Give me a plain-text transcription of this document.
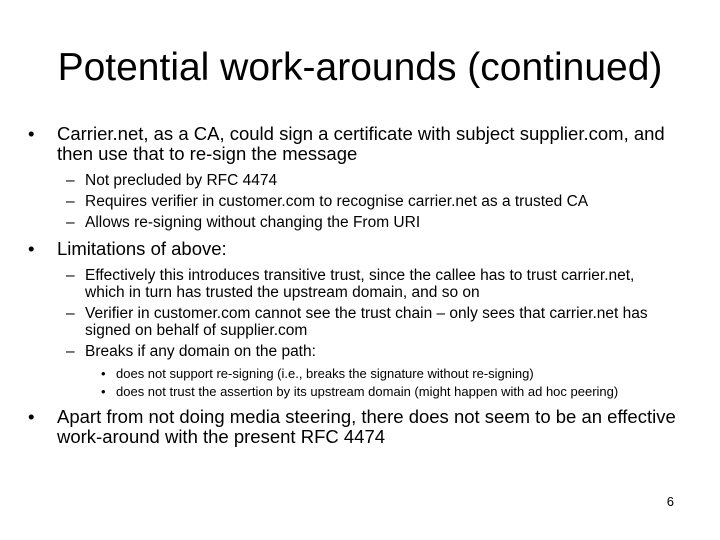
Potential work-arounds (continued)
• Carrier.net, as a CA, could sign a certificate with subject supplier.com, and then use that to re-sign the message
– Not precluded by RFC 4474
– Requires verifier in customer.com to recognise carrier.net as a trusted CA
– Allows re-signing without changing the From URI
• Limitations of above:
– Effectively this introduces transitive trust, since the callee has to trust carrier.net, which in turn has trusted the upstream domain, and so on
– Verifier in customer.com cannot see the trust chain – only sees that carrier.net has signed on behalf of supplier.com
– Breaks if any domain on the path:
• does not support re-signing (i.e., breaks the signature without re-signing)
• does not trust the assertion by its upstream domain (might happen with ad hoc peering)
• Apart from not doing media steering, there does not seem to be an effective work-around with the present RFC 4474
6
